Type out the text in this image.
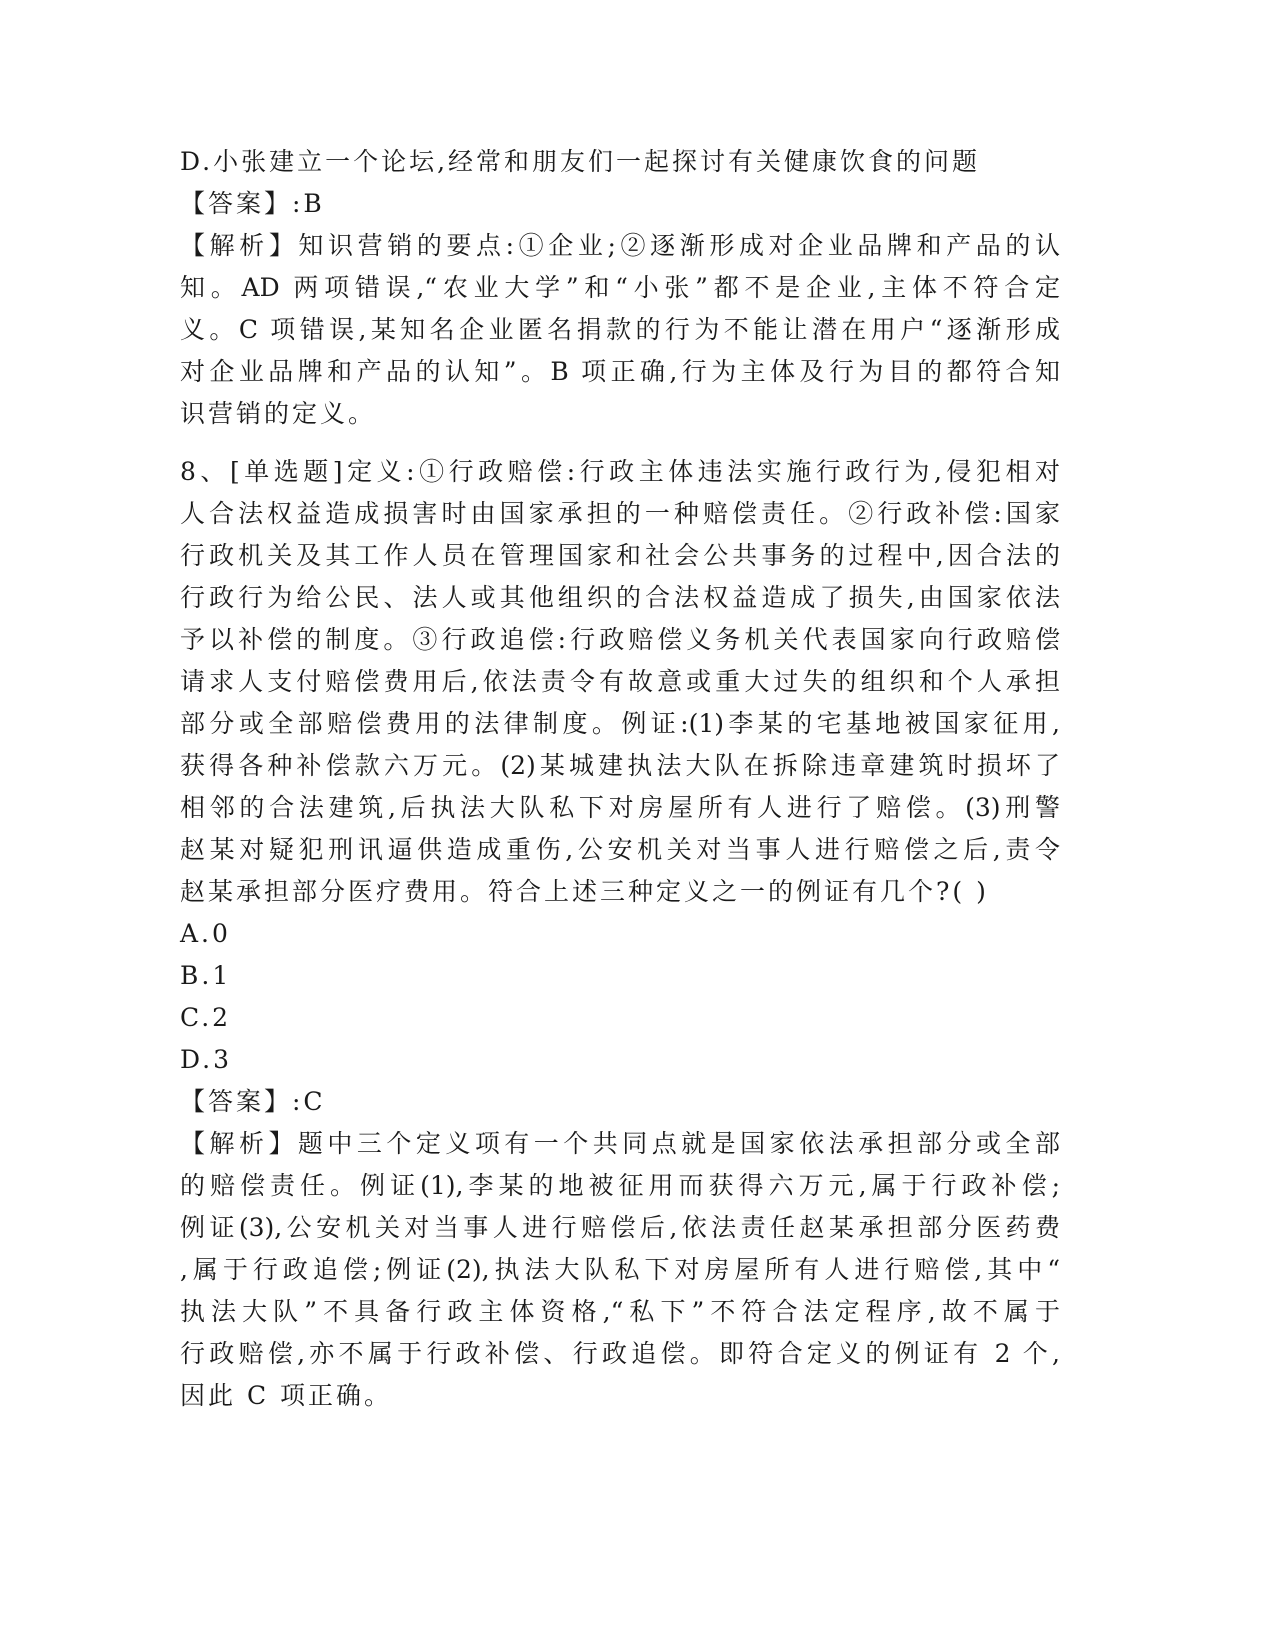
D.小张建立一个论坛,经常和朋友们一起探讨有关健康饮食的问题
【答案】:B
【解析】知识营销的要点:①企业;②逐渐形成对企业品牌和产品的认
知。AD 两项错误,“农业大学”和“小张”都不是企业,主体不符合定
义。C 项错误,某知名企业匿名捐款的行为不能让潜在用户“逐渐形成
对企业品牌和产品的认知”。B 项正确,行为主体及行为目的都符合知
识营销的定义。
8、[单选题]定义:①行政赔偿:行政主体违法实施行政行为,侵犯相对
人合法权益造成损害时由国家承担的一种赔偿责任。②行政补偿:国家
行政机关及其工作人员在管理国家和社会公共事务的过程中,因合法的
行政行为给公民、法人或其他组织的合法权益造成了损失,由国家依法
予以补偿的制度。③行政追偿:行政赔偿义务机关代表国家向行政赔偿
请求人支付赔偿费用后,依法责令有故意或重大过失的组织和个人承担
部分或全部赔偿费用的法律制度。例证:(1)李某的宅基地被国家征用,
获得各种补偿款六万元。(2)某城建执法大队在拆除违章建筑时损坏了
相邻的合法建筑,后执法大队私下对房屋所有人进行了赔偿。(3)刑警
赵某对疑犯刑讯逼供造成重伤,公安机关对当事人进行赔偿之后,责令
赵某承担部分医疗费用。符合上述三种定义之一的例证有几个?( )
A.0
B.1
C.2
D.3
【答案】:C
【解析】题中三个定义项有一个共同点就是国家依法承担部分或全部
的赔偿责任。例证(1),李某的地被征用而获得六万元,属于行政补偿;
例证(3),公安机关对当事人进行赔偿后,依法责任赵某承担部分医药费
,属于行政追偿;例证(2),执法大队私下对房屋所有人进行赔偿,其中“
执法大队”不具备行政主体资格,“私下”不符合法定程序,故不属于
行政赔偿,亦不属于行政补偿、行政追偿。即符合定义的例证有 2 个,
因此 C 项正确。
